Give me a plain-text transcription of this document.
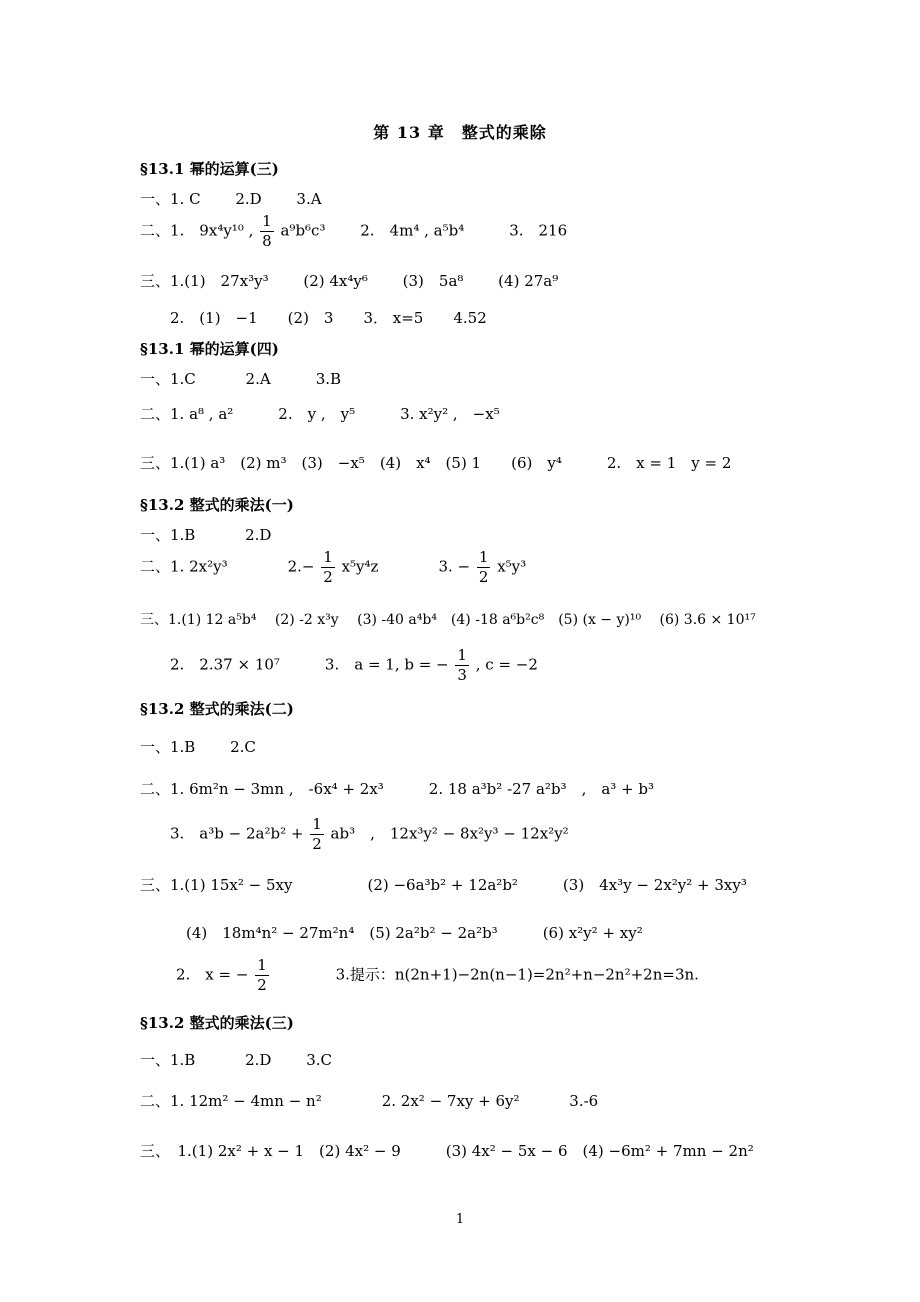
第 13 章　整式的乘除
§13.1 幂的运算(三)
一、1. C　　 2.D　　 3.A
二、1.　9x⁴y¹⁰ , $\frac{1}{8} a^9b^6c^3$　　 2.　4m⁴ , a⁵b⁴　　　3.　216
三、1.(1)　27x³y³　　 (2) 4x⁴y⁶　　 (3)　5a⁸　　 (4) 27a⁹
2.　(1)　−1　　(2)　3　　3． x=5　　4.52
§13.1 幂的运算(四)
一、1.C　　　 2.A　　　3.B
二、1. a⁸ , a²　　　2.　y ,　y⁵　　　3. x²y² ,　−x⁵
三、1.(1) a³　(2) m³　(3)　−x⁵　(4)　x⁴　(5) 1　　(6)　y⁴　　　2.　x = 1　y = 2
§13.2 整式的乘法(一)
一、1.B　　　 2.D
二、1. 2x²y³　　　　$2.- \frac{1}{2} x^5y^4z$　　　　3. − $\frac{1}{2} x^5y^3$
三、1.(1) 12 a⁵b⁴　 (2) -2 x³y　 (3) -40 a⁴b⁴　(4) -18 a⁶b²c⁸　(5) (x − y)¹⁰　 (6) 3.6 × 10¹⁷
2.　2.37 × 10⁷　　　3.　a = 1, b = − $\frac{1}{3}$ , c = −2
§13.2 整式的乘法(二)
一、1.B　　 2.C
二、1. 6m²n − 3mn ,　-6x⁴ + 2x³　　　2. 18 a³b² -27 a²b³　,　a³ + b³
3.　$a^3b - 2a^2b^2 + \frac{1}{2} ab^3$　,　12x³y² − 8x²y³ − 12x²y²
三、1.(1) 15x² − 5xy　　　　　(2) −6a³b² + 12a²b²　　　(3)　4x³y − 2x²y² + 3xy³
(4)　18m⁴n² − 27m²n⁴　(5) 2a²b² − 2a²b³　　　(6) x²y² + xy²
2.　x = − $\frac{1}{2}$ 　　　　3.提示：n(2n+1)−2n(n−1)=2n²+n−2n²+2n=3n.
§13.2 整式的乘法(三)
一、1.B　　　 2.D　　 3.C
二、1. 12m² − 4mn − n²　　　　2. 2x² − 7xy + 6y²　　　 3.-6
三、　1.(1) 2x² + x − 1　(2) 4x² − 9　　　(3) 4x² − 5x − 6　(4) −6m² + 7mn − 2n²
1
